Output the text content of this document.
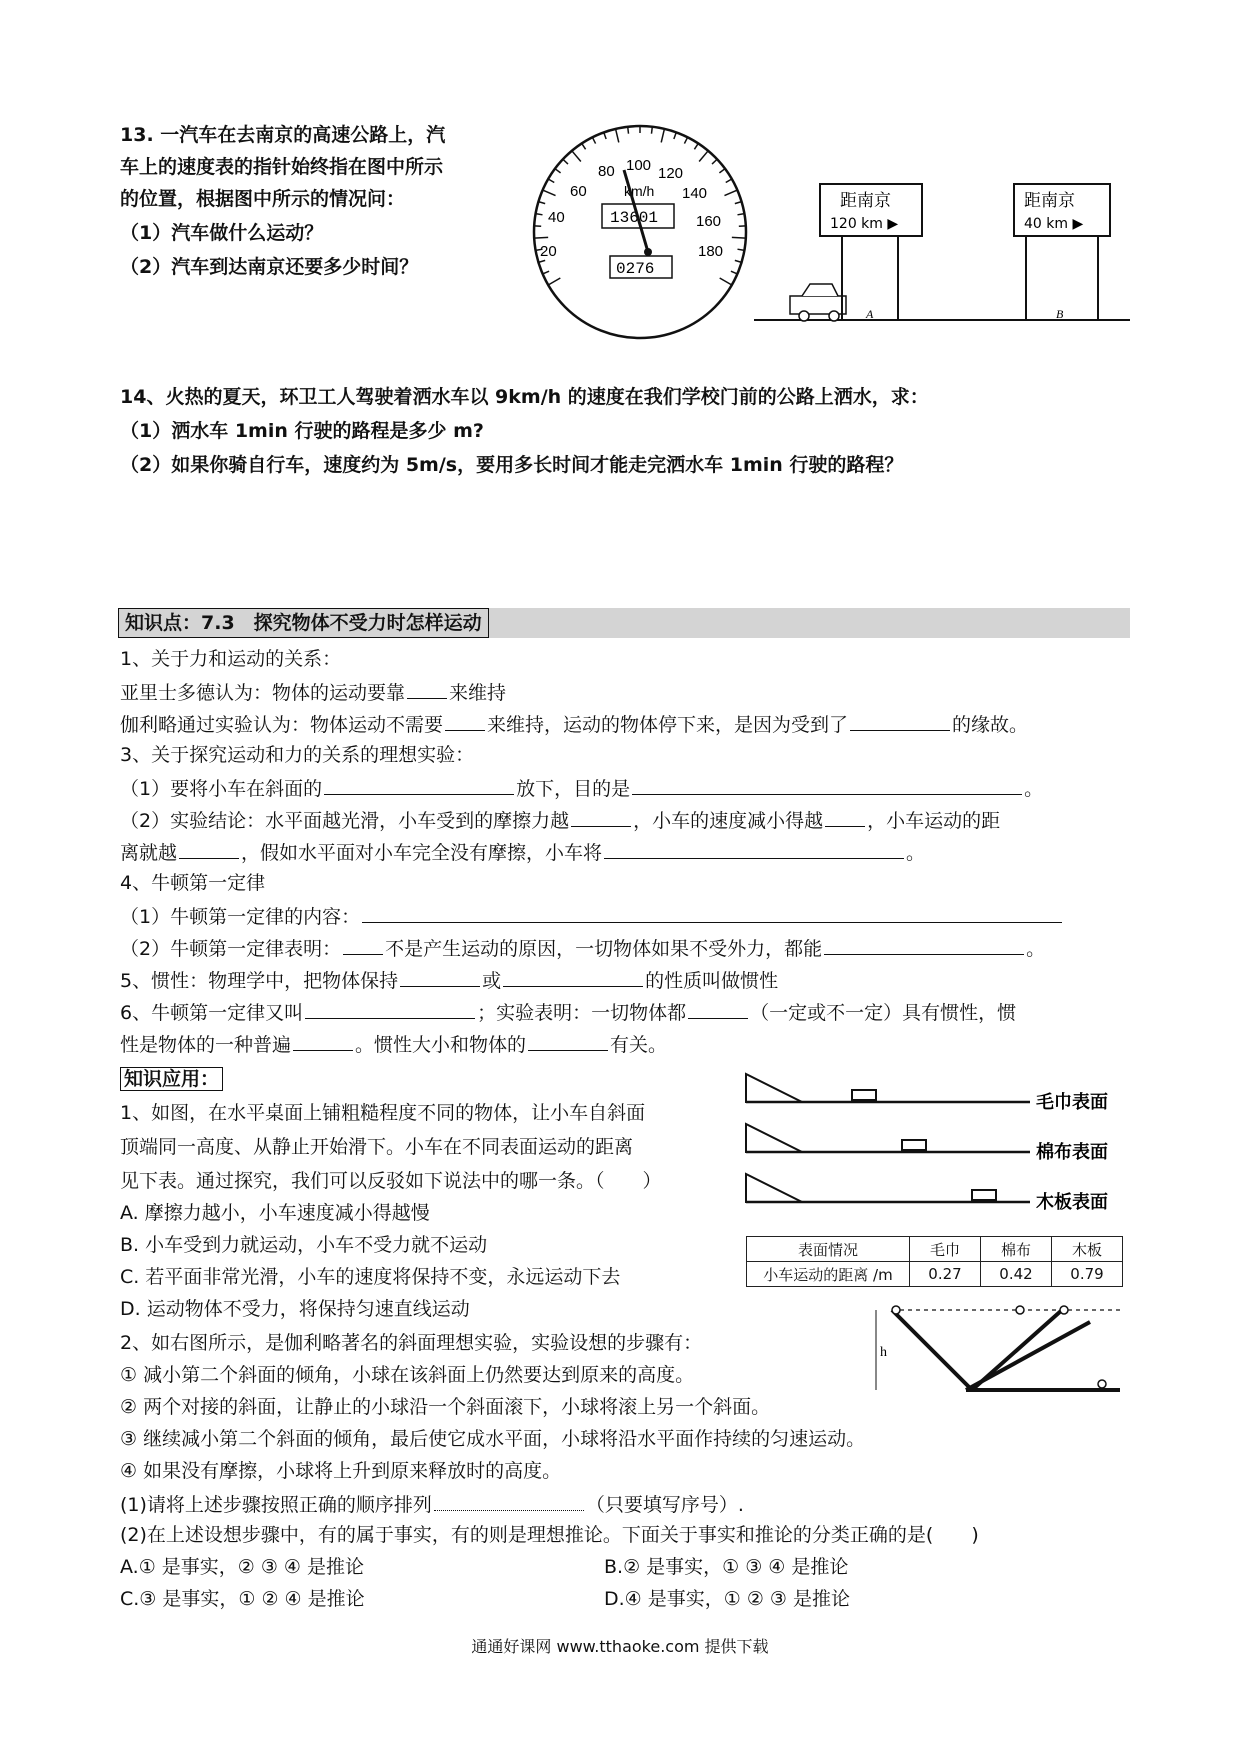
13. 一汽车在去南京的高速公路上，汽
车上的速度表的指针始终指在图中所示
的位置，根据图中所示的情况问：
（1）汽车做什么运动？
（2）汽车到达南京还要多少时间？
20
40
60
80 100 120
140
160
180
km/h
13601
0276
距南京
120 km ▶
A
距南京
40 km ▶
B
14、火热的夏天，环卫工人驾驶着洒水车以 9km/h 的速度在我们学校门前的公路上洒水，求：
（1）洒水车 1min 行驶的路程是多少 m?
（2）如果你骑自行车，速度约为 5m/s，要用多长时间才能走完洒水车 1min 行驶的路程？
知识点：7.3　探究物体不受力时怎样运动
1、关于力和运动的关系：
亚里士多德认为：物体的运动要靠 来维持
伽利略通过实验认为：物体运动不需要 来维持，运动的物体停下来，是因为受到了	的缘故。
3、关于探究运动和力的关系的理想实验：
（1）要将小车在斜面的	放下，目的是	。
（2）实验结论：水平面越光滑，小车受到的摩擦力越	，小车的速度减小得越 ，小车运动的距
离就越	，假如水平面对小车完全没有摩擦，小车将	。
4、牛顿第一定律
（1）牛顿第一定律的内容：
（2）牛顿第一定律表明： 不是产生运动的原因，一切物体如果不受外力，都能	。
5、惯性：物理学中，把物体保持	或	的性质叫做惯性
6、牛顿第一定律又叫	；实验表明：一切物体都	（一定或不一定）具有惯性，惯
性是物体的一种普遍	。惯性大小和物体的	有关。
知识应用：
1、如图，在水平桌面上铺粗糙程度不同的物体，让小车自斜面
顶端同一高度、从静止开始滑下。小车在不同表面运动的距离
见下表。通过探究，我们可以反驳如下说法中的哪一条。（　　）
A. 摩擦力越小，小车速度减小得越慢
B. 小车受到力就运动，小车不受力就不运动
C. 若平面非常光滑，小车的速度将保持不变，永远运动下去
D. 运动物体不受力，将保持匀速直线运动
毛巾表面
棉布表面
木板表面
表面情况	毛巾	棉布	木板
小车运动的距离 /m	0.27	0.42	0.79
h
2、如右图所示，是伽利略著名的斜面理想实验，实验设想的步骤有：
① 减小第二个斜面的倾角，小球在该斜面上仍然要达到原来的高度。
② 两个对接的斜面，让静止的小球沿一个斜面滚下，小球将滚上另一个斜面。
③ 继续减小第二个斜面的倾角，最后使它成水平面，小球将沿水平面作持续的匀速运动。
④ 如果没有摩擦，小球将上升到原来释放时的高度。
(1)请将上述步骤按照正确的顺序排列	（只要填写序号）.
(2)在上述设想步骤中，有的属于事实，有的则是理想推论。下面关于事实和推论的分类正确的是(　　)
A.① 是事实，② ③ ④ 是推论	B.② 是事实，① ③ ④ 是推论
C.③ 是事实，① ② ④ 是推论	D.④ 是事实，① ② ③ 是推论
通通好课网 www.tthaoke.com 提供下载
